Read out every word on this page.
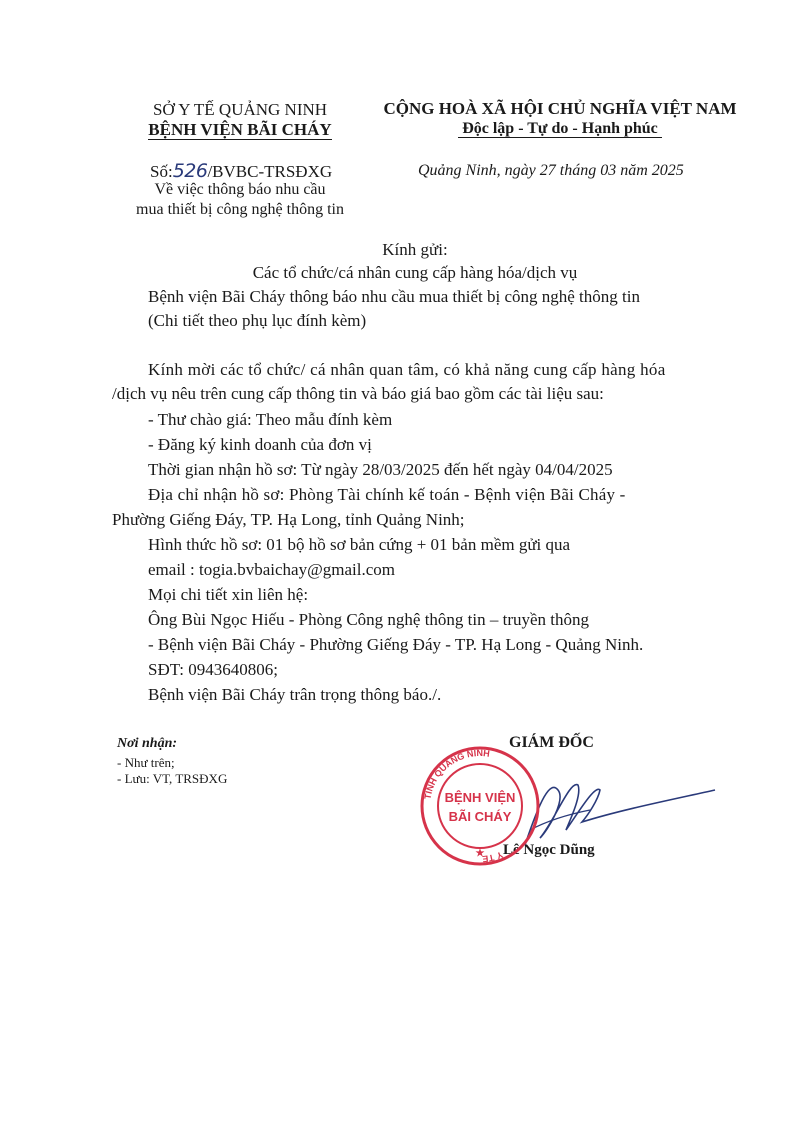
SỞ Y TẾ QUẢNG NINH
BỆNH VIỆN BÃI CHÁY
CỘNG HOÀ XÃ HỘI CHỦ NGHĨA VIỆT NAM
Độc lập - Tự do - Hạnh phúc
Số:526/BVBC-TRSĐXG
Về việc thông báo nhu cầu
mua thiết bị công nghệ thông tin
Quảng Ninh, ngày 27 tháng 03 năm 2025
Kính gửi:
Các tổ chức/cá nhân cung cấp hàng hóa/dịch vụ
Bệnh viện Bãi Cháy thông báo nhu cầu mua thiết bị công nghệ thông tin
(Chi tiết theo phụ lục đính kèm)
Kính mời các tổ chức/ cá nhân quan tâm, có khả năng cung cấp hàng hóa
/dịch vụ nêu trên cung cấp thông tin và báo giá bao gồm các tài liệu sau:
- Thư chào giá: Theo mẫu đính kèm
- Đăng ký kinh doanh của đơn vị
Thời gian nhận hồ sơ: Từ ngày 28/03/2025 đến hết ngày 04/04/2025
Địa chỉ nhận hồ sơ: Phòng Tài chính kế toán - Bệnh viện Bãi Cháy -
Phường Giếng Đáy, TP. Hạ Long, tỉnh Quảng Ninh;
Hình thức hồ sơ: 01 bộ hồ sơ bản cứng + 01 bản mềm gửi qua
email : togia.bvbaichay@gmail.com
Mọi chi tiết xin liên hệ:
Ông Bùi Ngọc Hiếu - Phòng Công nghệ thông tin – truyền thông
- Bệnh viện Bãi Cháy - Phường Giếng Đáy - TP. Hạ Long - Quảng Ninh.
SĐT: 0943640806;
Bệnh viện Bãi Cháy trân trọng thông báo./.
Nơi nhận:
- Như trên;
- Lưu: VT, TRSĐXG
GIÁM ĐỐC
Lê Ngọc Dũng
TỈNH QUẢNG NINH
Y TẾ
BỆNH VIỆN
BÃI CHÁY
★
